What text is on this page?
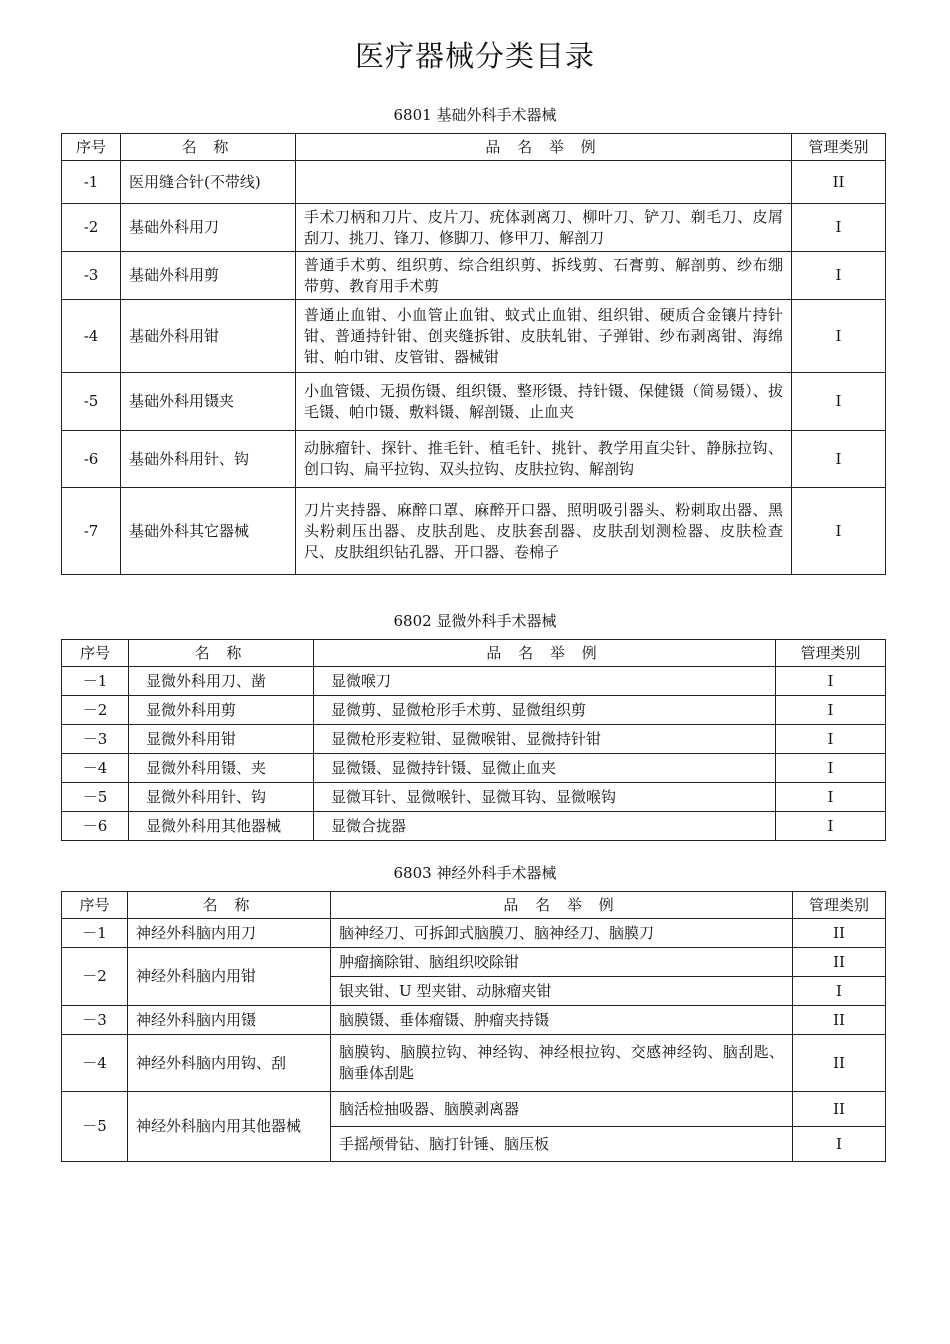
医疗器械分类目录
6801 基础外科手术器械
序号	名 称	品 名 举 例	管理类别
-1	医用缝合针(不带线)		II
-2	基础外科用刀	手术刀柄和刀片、皮片刀、疣体剥离刀、柳叶刀、铲刀、剃毛刀、皮屑刮刀、挑刀、锋刀、修脚刀、修甲刀、解剖刀	I
-3	基础外科用剪	普通手术剪、组织剪、综合组织剪、拆线剪、石膏剪、解剖剪、纱布绷带剪、教育用手术剪	I
-4	基础外科用钳	普通止血钳、小血管止血钳、蚊式止血钳、组织钳、硬质合金镶片持针钳、普通持针钳、创夹缝拆钳、皮肤轧钳、子弹钳、纱布剥离钳、海绵钳、帕巾钳、皮管钳、器械钳	I
-5	基础外科用镊夹	小血管镊、无损伤镊、组织镊、整形镊、持针镊、保健镊（简易镊）、拔毛镊、帕巾镊、敷料镊、解剖镊、止血夹	I
-6	基础外科用针、钩	动脉瘤针、探针、推毛针、植毛针、挑针、教学用直尖针、静脉拉钩、创口钩、扁平拉钩、双头拉钩、皮肤拉钩、解剖钩	I
-7	基础外科其它器械	刀片夹持器、麻醉口罩、麻醉开口器、照明吸引器头、粉刺取出器、黑头粉刺压出器、皮肤刮匙、皮肤套刮器、皮肤刮划测检器、皮肤检查尺、皮肤组织钻孔器、开口器、卷棉子	I
6802 显微外科手术器械
序号	名 称	品 名 举 例	管理类别
－1	显微外科用刀、凿	显微喉刀	I
－2	显微外科用剪	显微剪、显微枪形手术剪、显微组织剪	I
－3	显微外科用钳	显微枪形麦粒钳、显微喉钳、显微持针钳	I
－4	显微外科用镊、夹	显微镊、显微持针镊、显微止血夹	I
－5	显微外科用针、钩	显微耳针、显微喉针、显微耳钩、显微喉钩	I
－6	显微外科用其他器械	显微合拢器	I
6803 神经外科手术器械
序号	名 称	品 名 举 例	管理类别
－1	神经外科脑内用刀	脑神经刀、可拆卸式脑膜刀、脑神经刀、脑膜刀	II
－2	神经外科脑内用钳	肿瘤摘除钳、脑组织咬除钳	II
		银夹钳、U 型夹钳、动脉瘤夹钳	I
－3	神经外科脑内用镊	脑膜镊、垂体瘤镊、肿瘤夹持镊	II
－4	神经外科脑内用钩、刮	脑膜钩、脑膜拉钩、神经钩、神经根拉钩、交感神经钩、脑刮匙、脑垂体刮匙	II
－5	神经外科脑内用其他器械	脑活检抽吸器、脑膜剥离器	II
		手摇颅骨钻、脑打针锤、脑压板	I
